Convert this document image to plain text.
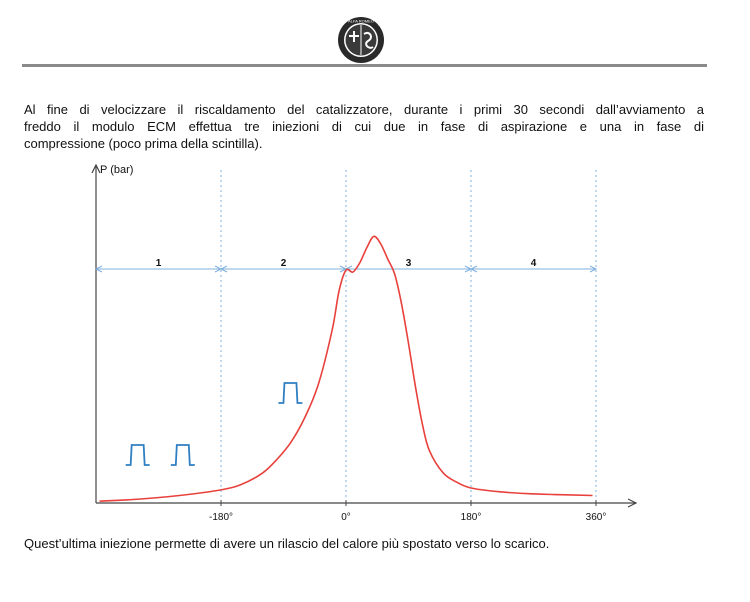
ALFA ROMEO
Al fine di velocizzare il riscaldamento del catalizzatore, durante i primi 30 secondi dall’avviamento a
freddo il modulo ECM effettua tre iniezioni di cui due in fase di aspirazione e una in fase di
compressione (poco prima della scintilla).
P (bar)
-180°	0°	180°	360°
1	2	3	4
Quest’ultima iniezione permette di avere un rilascio del calore più spostato verso lo scarico.
